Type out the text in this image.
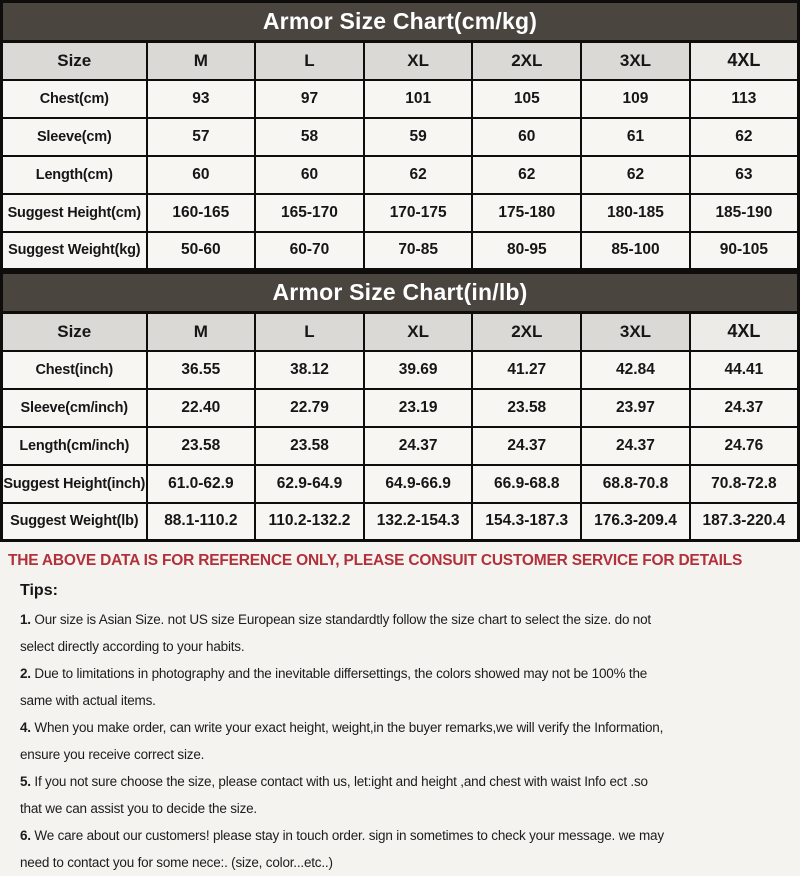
Armor Size Chart(cm/kg)
Size	M	L	XL	2XL	3XL	4XL
Chest(cm)	93	97	101	105	109	113
Sleeve(cm)	57	58	59	60	61	62
Length(cm)	60	60	62	62	62	63
Suggest Height(cm)	160-165	165-170	170-175	175-180	180-185	185-190
Suggest Weight(kg)	50-60	60-70	70-85	80-95	85-100	90-105
Armor Size Chart(in/lb)
Size	M	L	XL	2XL	3XL	4XL
Chest(inch)	36.55	38.12	39.69	41.27	42.84	44.41
Sleeve(cm/inch)	22.40	22.79	23.19	23.58	23.97	24.37
Length(cm/inch)	23.58	23.58	24.37	24.37	24.37	24.76
Suggest Height(inch)	61.0-62.9	62.9-64.9	64.9-66.9	66.9-68.8	68.8-70.8	70.8-72.8
Suggest Weight(lb)	88.1-110.2	110.2-132.2	132.2-154.3	154.3-187.3	176.3-209.4	187.3-220.4
THE ABOVE DATA IS FOR REFERENCE ONLY, PLEASE CONSUIT CUSTOMER SERVICE FOR DETAILS
Tips:
1. Our size is Asian Size. not US size European size standardtly follow the size chart to select the size. do not select directly according to your habits.
2. Due to limitations in photography and the inevitable differsettings, the colors showed may not be 100% the same with actual items.
4. When you make order, can write your exact height, weight,in the buyer remarks,we will verify the Information, ensure you receive correct size.
5. If you not sure choose the size, please contact with us, let:ight and height ,and chest with waist Info ect .so that we can assist you to decide the size.
6. We care about our customers! please stay in touch order. sign in sometimes to check your message. we may need to contact you for some nece:. (size, color...etc..)
